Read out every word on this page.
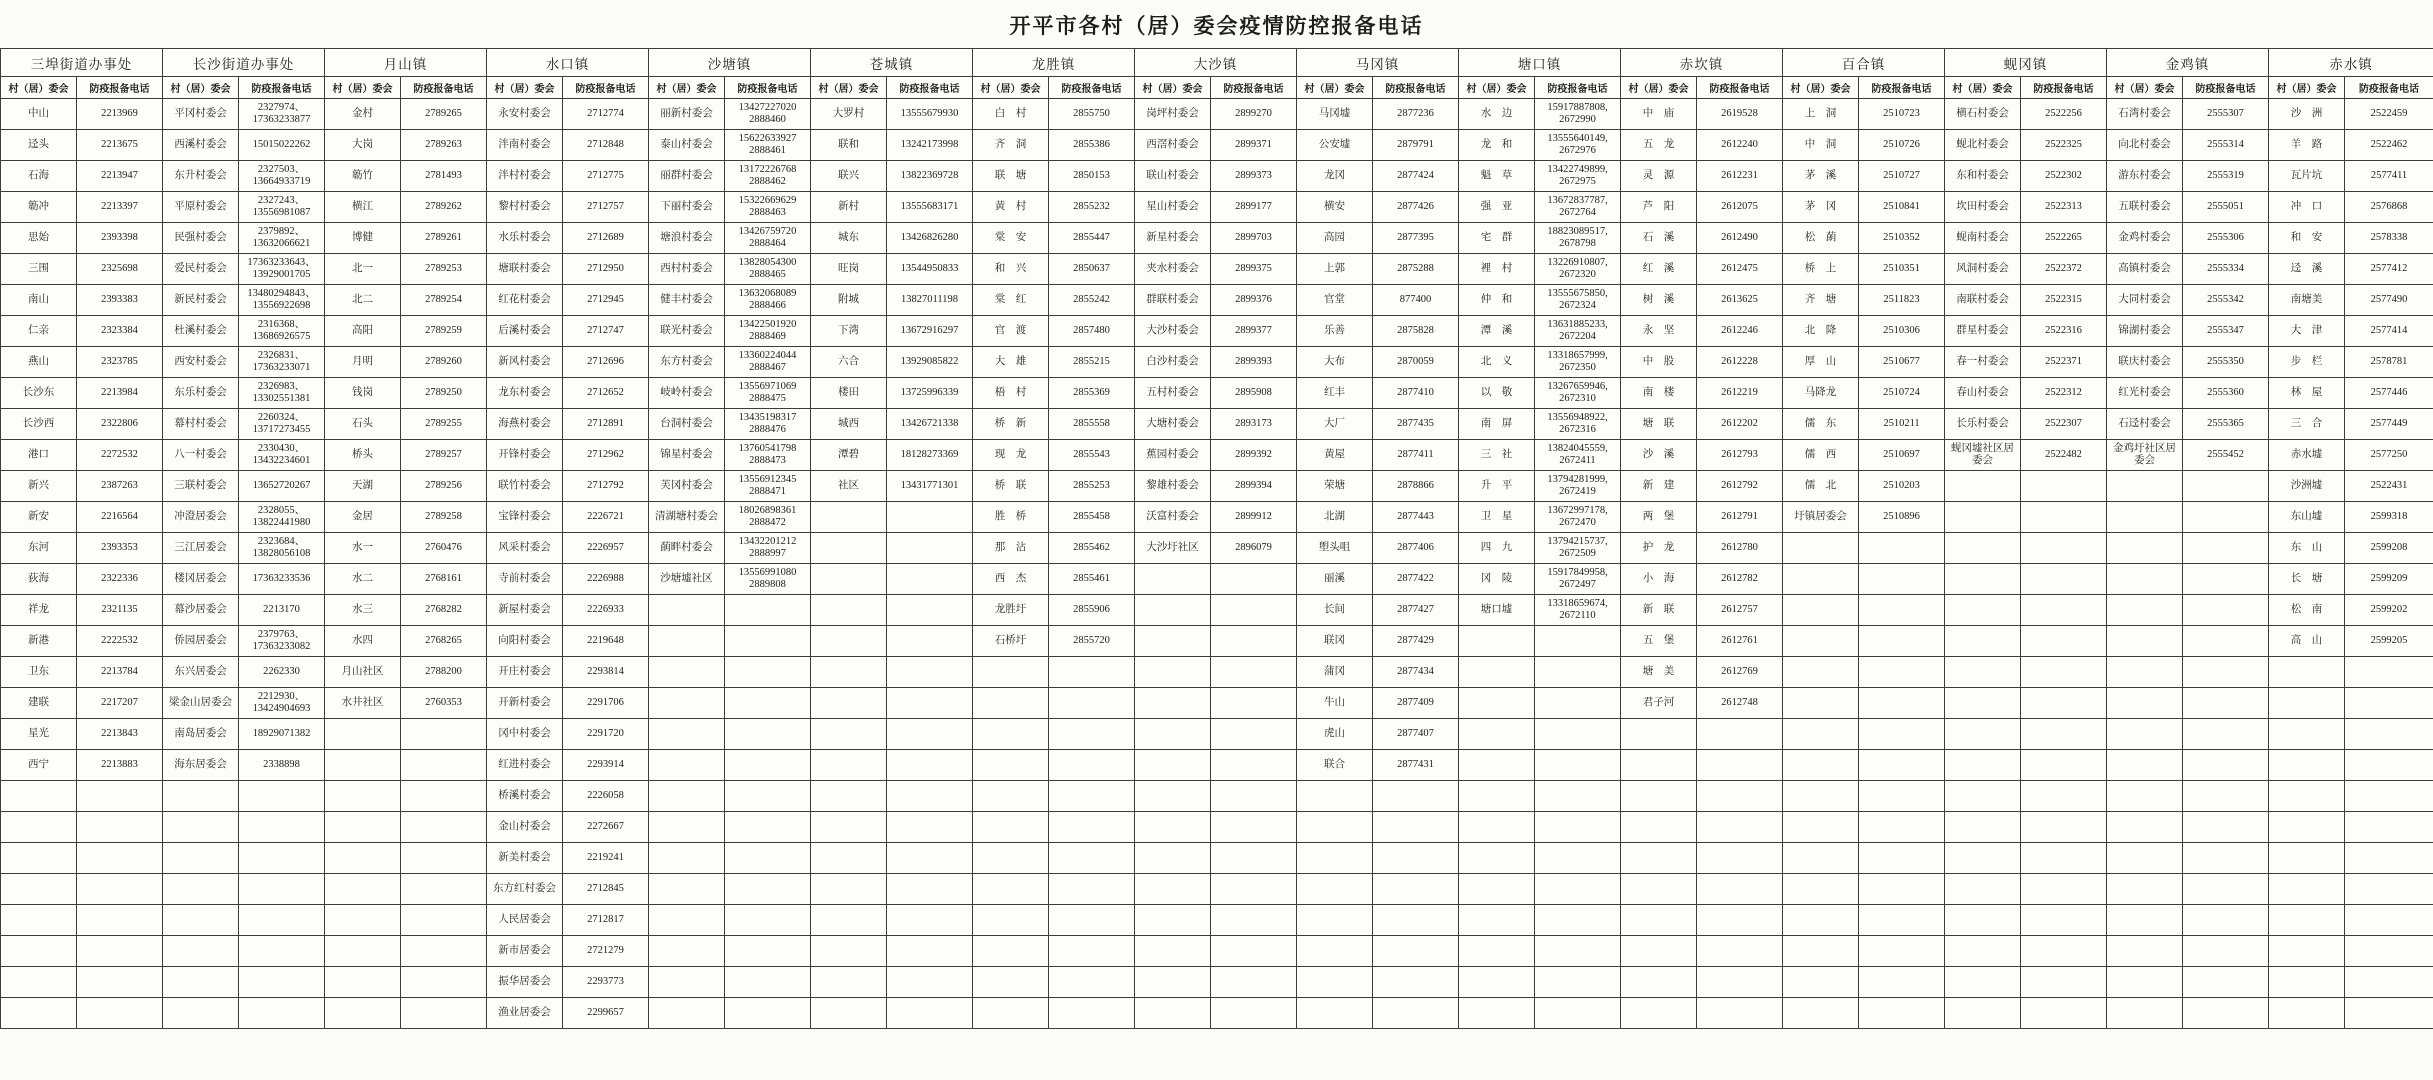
开平市各村（居）委会疫情防控报备电话
三埠街道办事处		长沙街道办事处		月山镇		水口镇		沙塘镇		苍城镇		龙胜镇		大沙镇		马冈镇		塘口镇		赤坎镇		百合镇		蚬冈镇		金鸡镇		赤水镇	
村（居）委会	防疫报备电话	村（居）委会	防疫报备电话	村（居）委会	防疫报备电话	村（居）委会	防疫报备电话	村（居）委会	防疫报备电话	村（居）委会	防疫报备电话	村（居）委会	防疫报备电话	村（居）委会	防疫报备电话	村（居）委会	防疫报备电话	村（居）委会	防疫报备电话	村（居）委会	防疫报备电话	村（居）委会	防疫报备电话	村（居）委会	防疫报备电话	村（居）委会	防疫报备电话	村（居）委会	防疫报备电话
中山	2213969	平冈村委会	2327974、 17363233877	金村	2789265	永安村委会	2712774	丽新村委会	13427227020 2888460	大罗村	13555679930	白　村	2855750	岗坪村委会	2899270	马冈墟	2877236	水　边	15917887808, 2672990	中　庙	2619528	上　洞	2510723	横石村委会	2522256	石湾村委会	2555307	沙　洲	2522459
迳头	2213675	西溪村委会	15015022262	大岗	2789263	泮南村委会	2712848	泰山村委会	15622633927 2888461	联和	13242173998	齐　洞	2855386	西滘村委会	2899371	公安墟	2879791	龙　和	13555640149, 2672976	五　龙	2612240	中　洞	2510726	蚬北村委会	2522325	向北村委会	2555314	羊　路	2522462
石海	2213947	东升村委会	2327503、 13664933719	簕竹	2781493	泮村村委会	2712775	丽群村委会	13172226768 2888462	联兴	13822369728	联　塘	2850153	联山村委会	2899373	龙冈	2877424	魁　草	13422749899, 2672975	灵　源	2612231	茅　溪	2510727	东和村委会	2522302	游东村委会	2555319	瓦片坑	2577411
簕冲	2213397	平原村委会	2327243、 13556981087	横江	2789262	黎村村委会	2712757	下丽村委会	15322669629 2888463	新村	13555683171	黄　村	2855232	星山村委会	2899177	横安	2877426	强　亚	13672837787, 2672764	芦　阳	2612075	茅　冈	2510841	坎田村委会	2522313	五联村委会	2555051	冲　口	2576868
思始	2393398	民强村委会	2379892、 13632066621	博健	2789261	水乐村委会	2712689	塘浪村委会	13426759720 2888464	城东	13426826280	棠　安	2855447	新星村委会	2899703	高园	2877395	宅　群	18823089517, 2678798	石　溪	2612490	松　蓢	2510352	蚬南村委会	2522265	金鸡村委会	2555306	和　安	2578338
三围	2325698	爱民村委会	17363233643、 13929001705	北一	2789253	塘联村委会	2712950	西村村委会	13828054300 2888465	旺岗	13544950833	和　兴	2850637	夹水村委会	2899375	上郭	2875288	裡　村	13226910807, 2672320	红　溪	2612475	桥　上	2510351	风洞村委会	2522372	高镇村委会	2555334	迳　溪	2577412
南山	2393383	新民村委会	13480294843、 13556922698	北二	2789254	红花村委会	2712945	健丰村委会	13632068089 2888466	附城	13827011198	棠　红	2855242	群联村委会	2899376	官堂	877400	仲　和	13555675850, 2672324	树　溪	2613625	齐　塘	2511823	南联村委会	2522315	大同村委会	2555342	南塘美	2577490
仁亲	2323384	杜溪村委会	2316368、 13686926575	高阳	2789259	后溪村委会	2712747	联光村委会	13422501920 2888469	下湾	13672916297	官　渡	2857480	大沙村委会	2899377	乐善	2875828	潭　溪	13631885233, 2672204	永　坚	2612246	北　降	2510306	群星村委会	2522316	锦湖村委会	2555347	大　津	2577414
燕山	2323785	西安村委会	2326831、 17363233071	月明	2789260	新风村委会	2712696	东方村委会	13360224044 2888467	六合	13929085822	大　雄	2855215	白沙村委会	2899393	大布	2870059	北　义	13318657999, 2672350	中　股	2612228	厚　山	2510677	春一村委会	2522371	联庆村委会	2555350	步　栏	2578781
长沙东	2213984	东乐村委会	2326983、 13302551381	钱岗	2789250	龙东村委会	2712652	岐岭村委会	13556971069 2888475	楼田	13725996339	梧　村	2855369	五村村委会	2895908	红丰	2877410	以　敬	13267659946, 2672310	南　楼	2612219	马降龙	2510724	春山村委会	2522312	红光村委会	2555360	林　屋	2577446
长沙西	2322806	幕村村委会	2260324、 13717273455	石头	2789255	海燕村委会	2712891	台洞村委会	13435198317 2888476	城西	13426721338	桥　新	2855558	大塘村委会	2893173	大厂	2877435	南　屏	13556948922, 2672316	塘　联	2612202	儒　东	2510211	长乐村委会	2522307	石迳村委会	2555365	三　合	2577449
港口	2272532	八一村委会	2330430、 13432234601	桥头	2789257	开锋村委会	2712962	锦星村委会	13760541798 2888473	潭碧	18128273369	现　龙	2855543	蕉园村委会	2899392	黄屋	2877411	三　社	13824045559, 2672411	沙　溪	2612793	儒　西	2510697	蚬冈墟社区居委会	2522482	金鸡圩社区居委会	2555452	赤水墟	2577250
新兴	2387263	三联村委会	13652720267	天湖	2789256	联竹村委会	2712792	芙冈村委会	13556912345 2888471	社区	13431771301	桥　联	2855253	黎雄村委会	2899394	荣塘	2878866	升　平	13794281999, 2672419	新　建	2612792	儒　北	2510203					沙洲墟	2522431
新安	2216564	冲澄居委会	2328055、 13822441980	金居	2789258	宝锋村委会	2226721	清湖塘村委会	18026898361 2888472			胜　桥	2855458	沃富村委会	2899912	北湖	2877443	卫　星	13672997178, 2672470	两　堡	2612791	圩镇居委会	2510896					东山墟	2599318
东河	2393353	三江居委会	2323684、 13828056108	水一	2760476	风采村委会	2226957	蓢畔村委会	13432201212 2888997			那　沾	2855462	大沙圩社区	2896079	塱头咀	2877406	四　九	13794215737, 2672509	护　龙	2612780							东　山	2599208
荻海	2322336	楼冈居委会	17363233536	水二	2768161	寺前村委会	2226988	沙塘墟社区	13556991080 2889808			西　杰	2855461			丽溪	2877422	冈　陵	15917849958, 2672497	小　海	2612782							长　塘	2599209
祥龙	2321135	幕沙居委会	2213170	水三	2768282	新屋村委会	2226933					龙胜圩	2855906			长间	2877427	塘口墟	13318659674, 2672110	新　联	2612757							松　南	2599202
新港	2222532	侨园居委会	2379763、 17363233082	水四	2768265	向阳村委会	2219648					石桥圩	2855720			联冈	2877429			五　堡	2612761							高　山	2599205
卫东	2213784	东兴居委会	2262330	月山社区	2788200	开庄村委会	2293814									蒲冈	2877434			塘　美	2612769								
建联	2217207	梁金山居委会	2212930、 13424904693	水井社区	2760353	开新村委会	2291706									牛山	2877409			君子河	2612748								
星光	2213843	南岛居委会	18929071382			冈中村委会	2291720									虎山	2877407												
西宁	2213883	海东居委会	2338898			红进村委会	2293914									联合	2877431												
						桥溪村委会	2226058																						
						金山村委会	2272667																						
						新美村委会	2219241																						
						东方红村委会	2712845																						
						人民居委会	2712817																						
						新市居委会	2721279																						
						振华居委会	2293773																						
						渔业居委会	2299657																						
